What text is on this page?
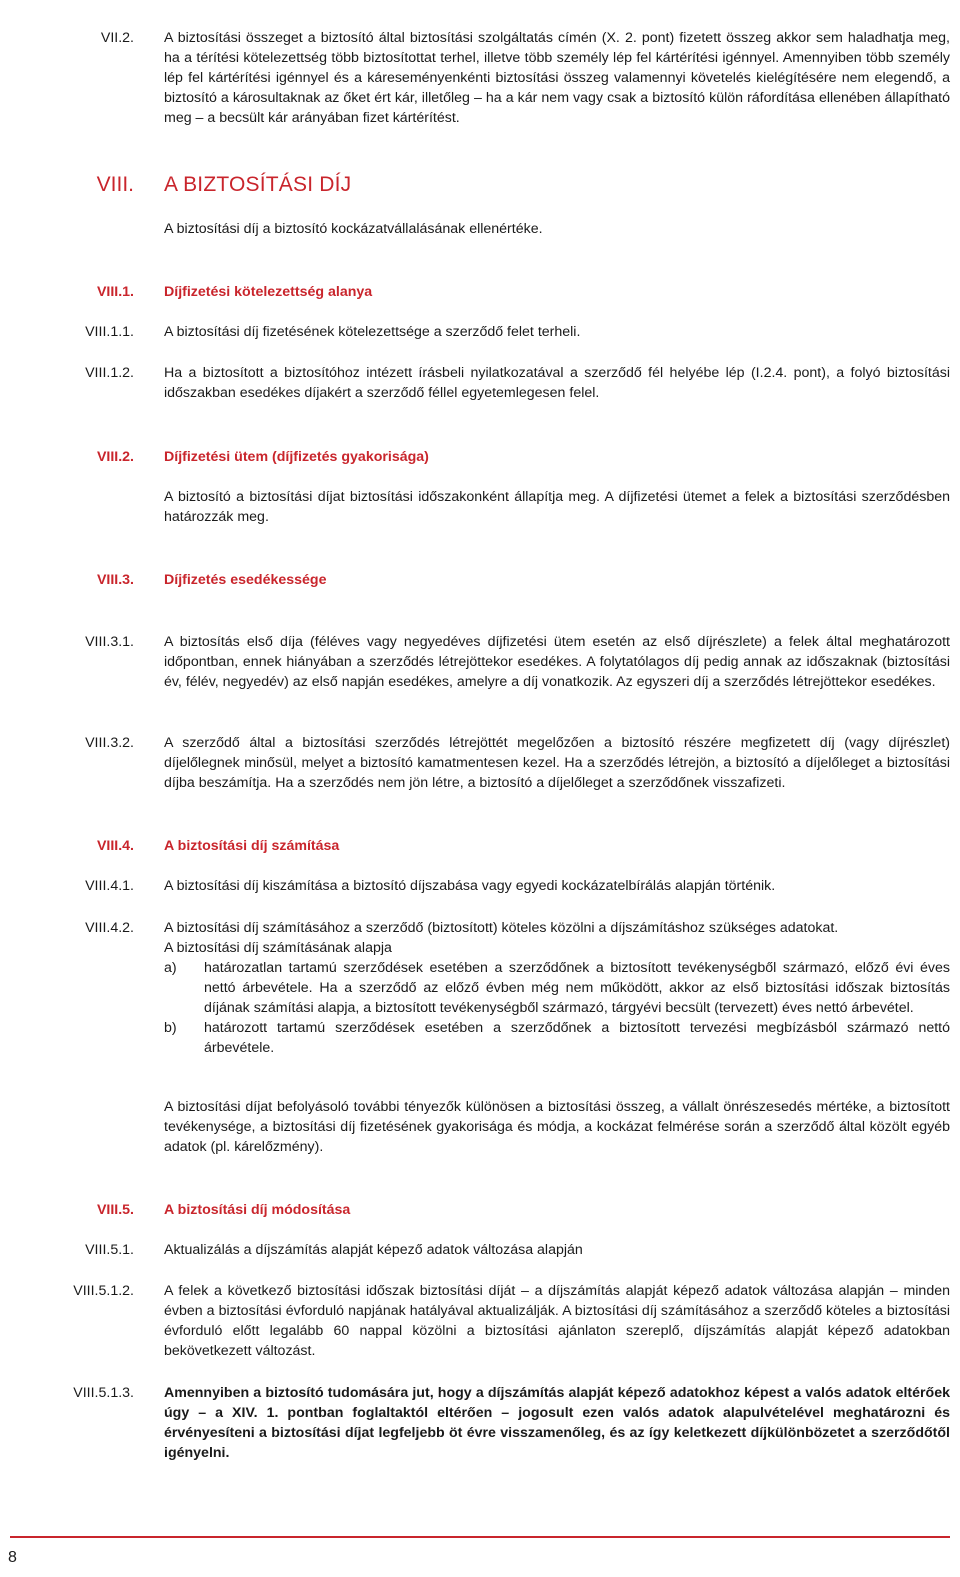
VII.2. A biztosítási összeget a biztosító által biztosítási szolgáltatás címén (X. 2. pont) fizetett összeg akkor sem haladhatja meg, ha a térítési kötelezettség több biztosítottat terhel, illetve több személy lép fel kártérítési igénnyel. Amennyiben több személy lép fel kártérítési igénnyel és a káreseményenkénti biztosítási összeg valamennyi követelés kielégítésére nem elegendő, a biztosító a károsultaknak az őket ért kár, illetőleg – ha a kár nem vagy csak a biztosító külön ráfordítása ellenében állapítható meg – a becsült kár arányában fizet kártérítést.
VIII. A BIZTOSÍTÁSI DÍJ
A biztosítási díj a biztosító kockázatvállalásának ellenértéke.
VIII.1. Díjfizetési kötelezettség alanya
VIII.1.1. A biztosítási díj fizetésének kötelezettsége a szerződő felet terheli.
VIII.1.2. Ha a biztosított a biztosítóhoz intézett írásbeli nyilatkozatával a szerződő fél helyébe lép (I.2.4. pont), a folyó biztosítási időszakban esedékes díjakért a szerződő féllel egyetemlegesen felel.
VIII.2. Díjfizetési ütem (díjfizetés gyakorisága)
A biztosító a biztosítási díjat biztosítási időszakonként állapítja meg. A díjfizetési ütemet a felek a biztosítási szerződésben határozzák meg.
VIII.3. Díjfizetés esedékessége
VIII.3.1. A biztosítás első díja (féléves vagy negyedéves díjfizetési ütem esetén az első díjrészlete) a felek által meghatározott időpontban, ennek hiányában a szerződés létrejöttekor esedékes. A folytatólagos díj pedig annak az időszaknak (biztosítási év, félév, negyedév) az első napján esedékes, amelyre a díj vonatkozik. Az egyszeri díj a szerződés létrejöttekor esedékes.
VIII.3.2. A szerződő által a biztosítási szerződés létrejöttét megelőzően a biztosító részére megfizetett díj (vagy díjrészlet) díjelőlegnek minősül, melyet a biztosító kamatmentesen kezel. Ha a szerződés létrejön, a biztosító a díjelőleget a biztosítási díjba beszámítja. Ha a szerződés nem jön létre, a biztosító a díjelőleget a szerződőnek visszafizeti.
VIII.4. A biztosítási díj számítása
VIII.4.1. A biztosítási díj kiszámítása a biztosító díjszabása vagy egyedi kockázatelbírálás alapján történik.
VIII.4.2. A biztosítási díj számításához a szerződő (biztosított) köteles közölni a díjszámításhoz szükséges adatokat.
A biztosítási díj számításának alapja
a)	határozatlan tartamú szerződések esetében a szerződőnek a biztosított tevékenységből származó, előző évi éves nettó árbevétele. Ha a szerződő az előző évben még nem működött, akkor az első biztosítási időszak biztosítás díjának számítási alapja, a biztosított tevékenységből származó, tárgyévi becsült (tervezett) éves nettó árbevétel.
b)	határozott tartamú szerződések esetében a szerződőnek a biztosított tervezési megbízásból származó nettó árbevétele.
A biztosítási díjat befolyásoló további tényezők különösen a biztosítási összeg, a vállalt önrészesedés mértéke, a biztosított tevékenysége, a biztosítási díj fizetésének gyakorisága és módja, a kockázat felmérése során a szerződő által közölt egyéb adatok (pl. kárelőzmény).
VIII.5. A biztosítási díj módosítása
VIII.5.1. Aktualizálás a díjszámítás alapját képező adatok változása alapján
VIII.5.1.2. A felek a következő biztosítási időszak biztosítási díját – a díjszámítás alapját képező adatok változása alapján – minden évben a biztosítási évforduló napjának hatályával aktualizálják. A biztosítási díj számításához a szerződő köteles a biztosítási évforduló előtt legalább 60 nappal közölni a biztosítási ajánlaton szereplő, díjszámítás alapját képező adatokban bekövetkezett változást.
VIII.5.1.3. Amennyiben a biztosító tudomására jut, hogy a díjszámítás alapját képező adatokhoz képest a valós adatok eltérőek úgy – a XIV. 1. pontban foglaltaktól eltérően – jogosult ezen valós adatok alapulvételével meghatározni és érvényesíteni a biztosítási díjat legfeljebb öt évre visszamenőleg, és az így keletkezett díjkülönbözetet a szerződőtől igényelni.
8
